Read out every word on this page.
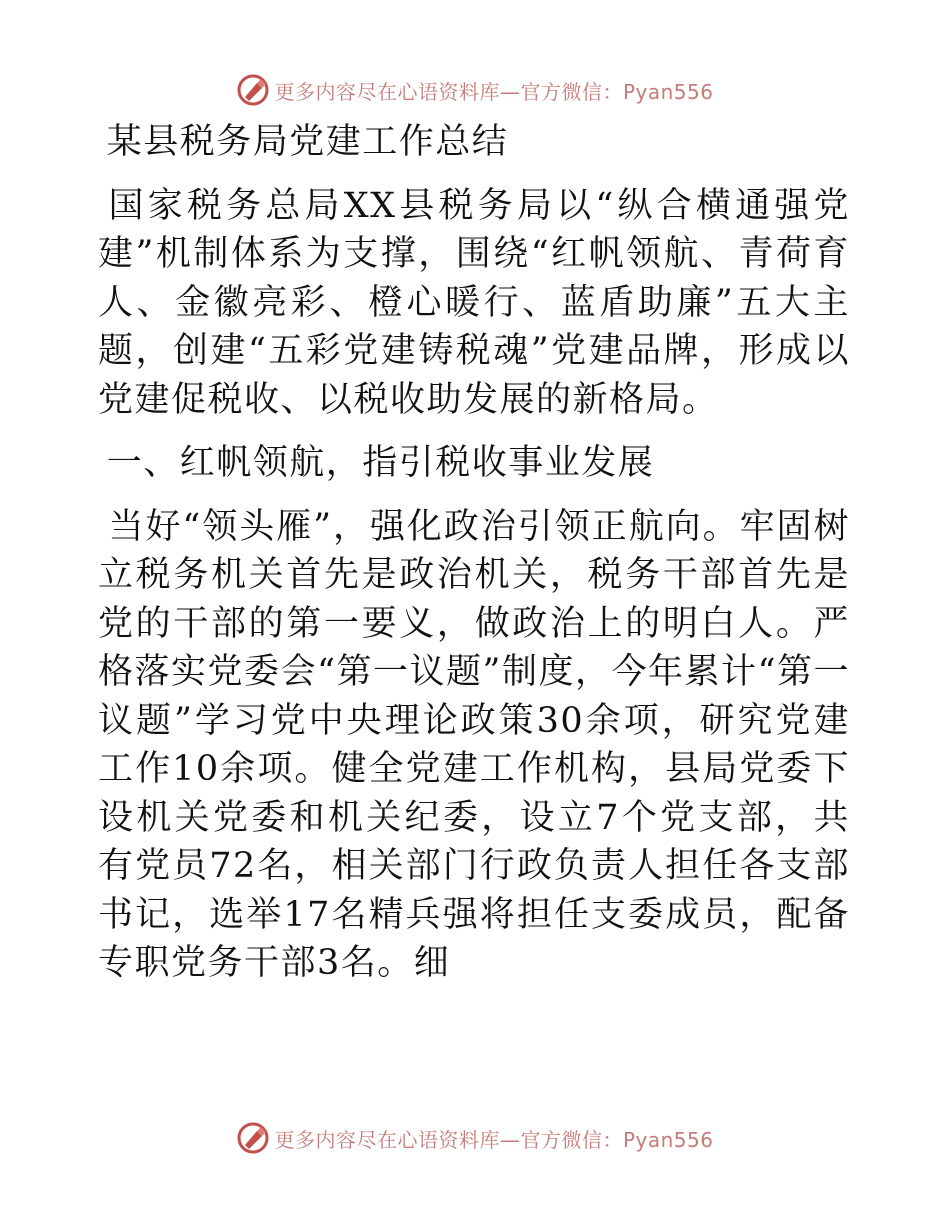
更多内容尽在心语资料库—官方微信：Pyan556

某县税务局党建工作总结

国家税务总局XX县税务局以“纵合横通强党建”机制体系为支撑，围绕“红帆领航、青荷育人、金徽亮彩、橙心暖行、蓝盾助廉”五大主题，创建“五彩党建铸税魂”党建品牌，形成以党建促税收、以税收助发展的新格局。

一、红帆领航，指引税收事业发展

当好“领头雁”，强化政治引领正航向。牢固树立税务机关首先是政治机关，税务干部首先是党的干部的第一要义，做政治上的明白人。严格落实党委会“第一议题”制度，今年累计“第一议题”学习党中央理论政策30余项，研究党建工作10余项。健全党建工作机构，县局党委下设机关党委和机关纪委，设立7个党支部，共有党员72名，相关部门行政负责人担任各支部书记，选举17名精兵强将担任支委成员，配备专职党务干部3名。细

更多内容尽在心语资料库—官方微信：Pyan556
